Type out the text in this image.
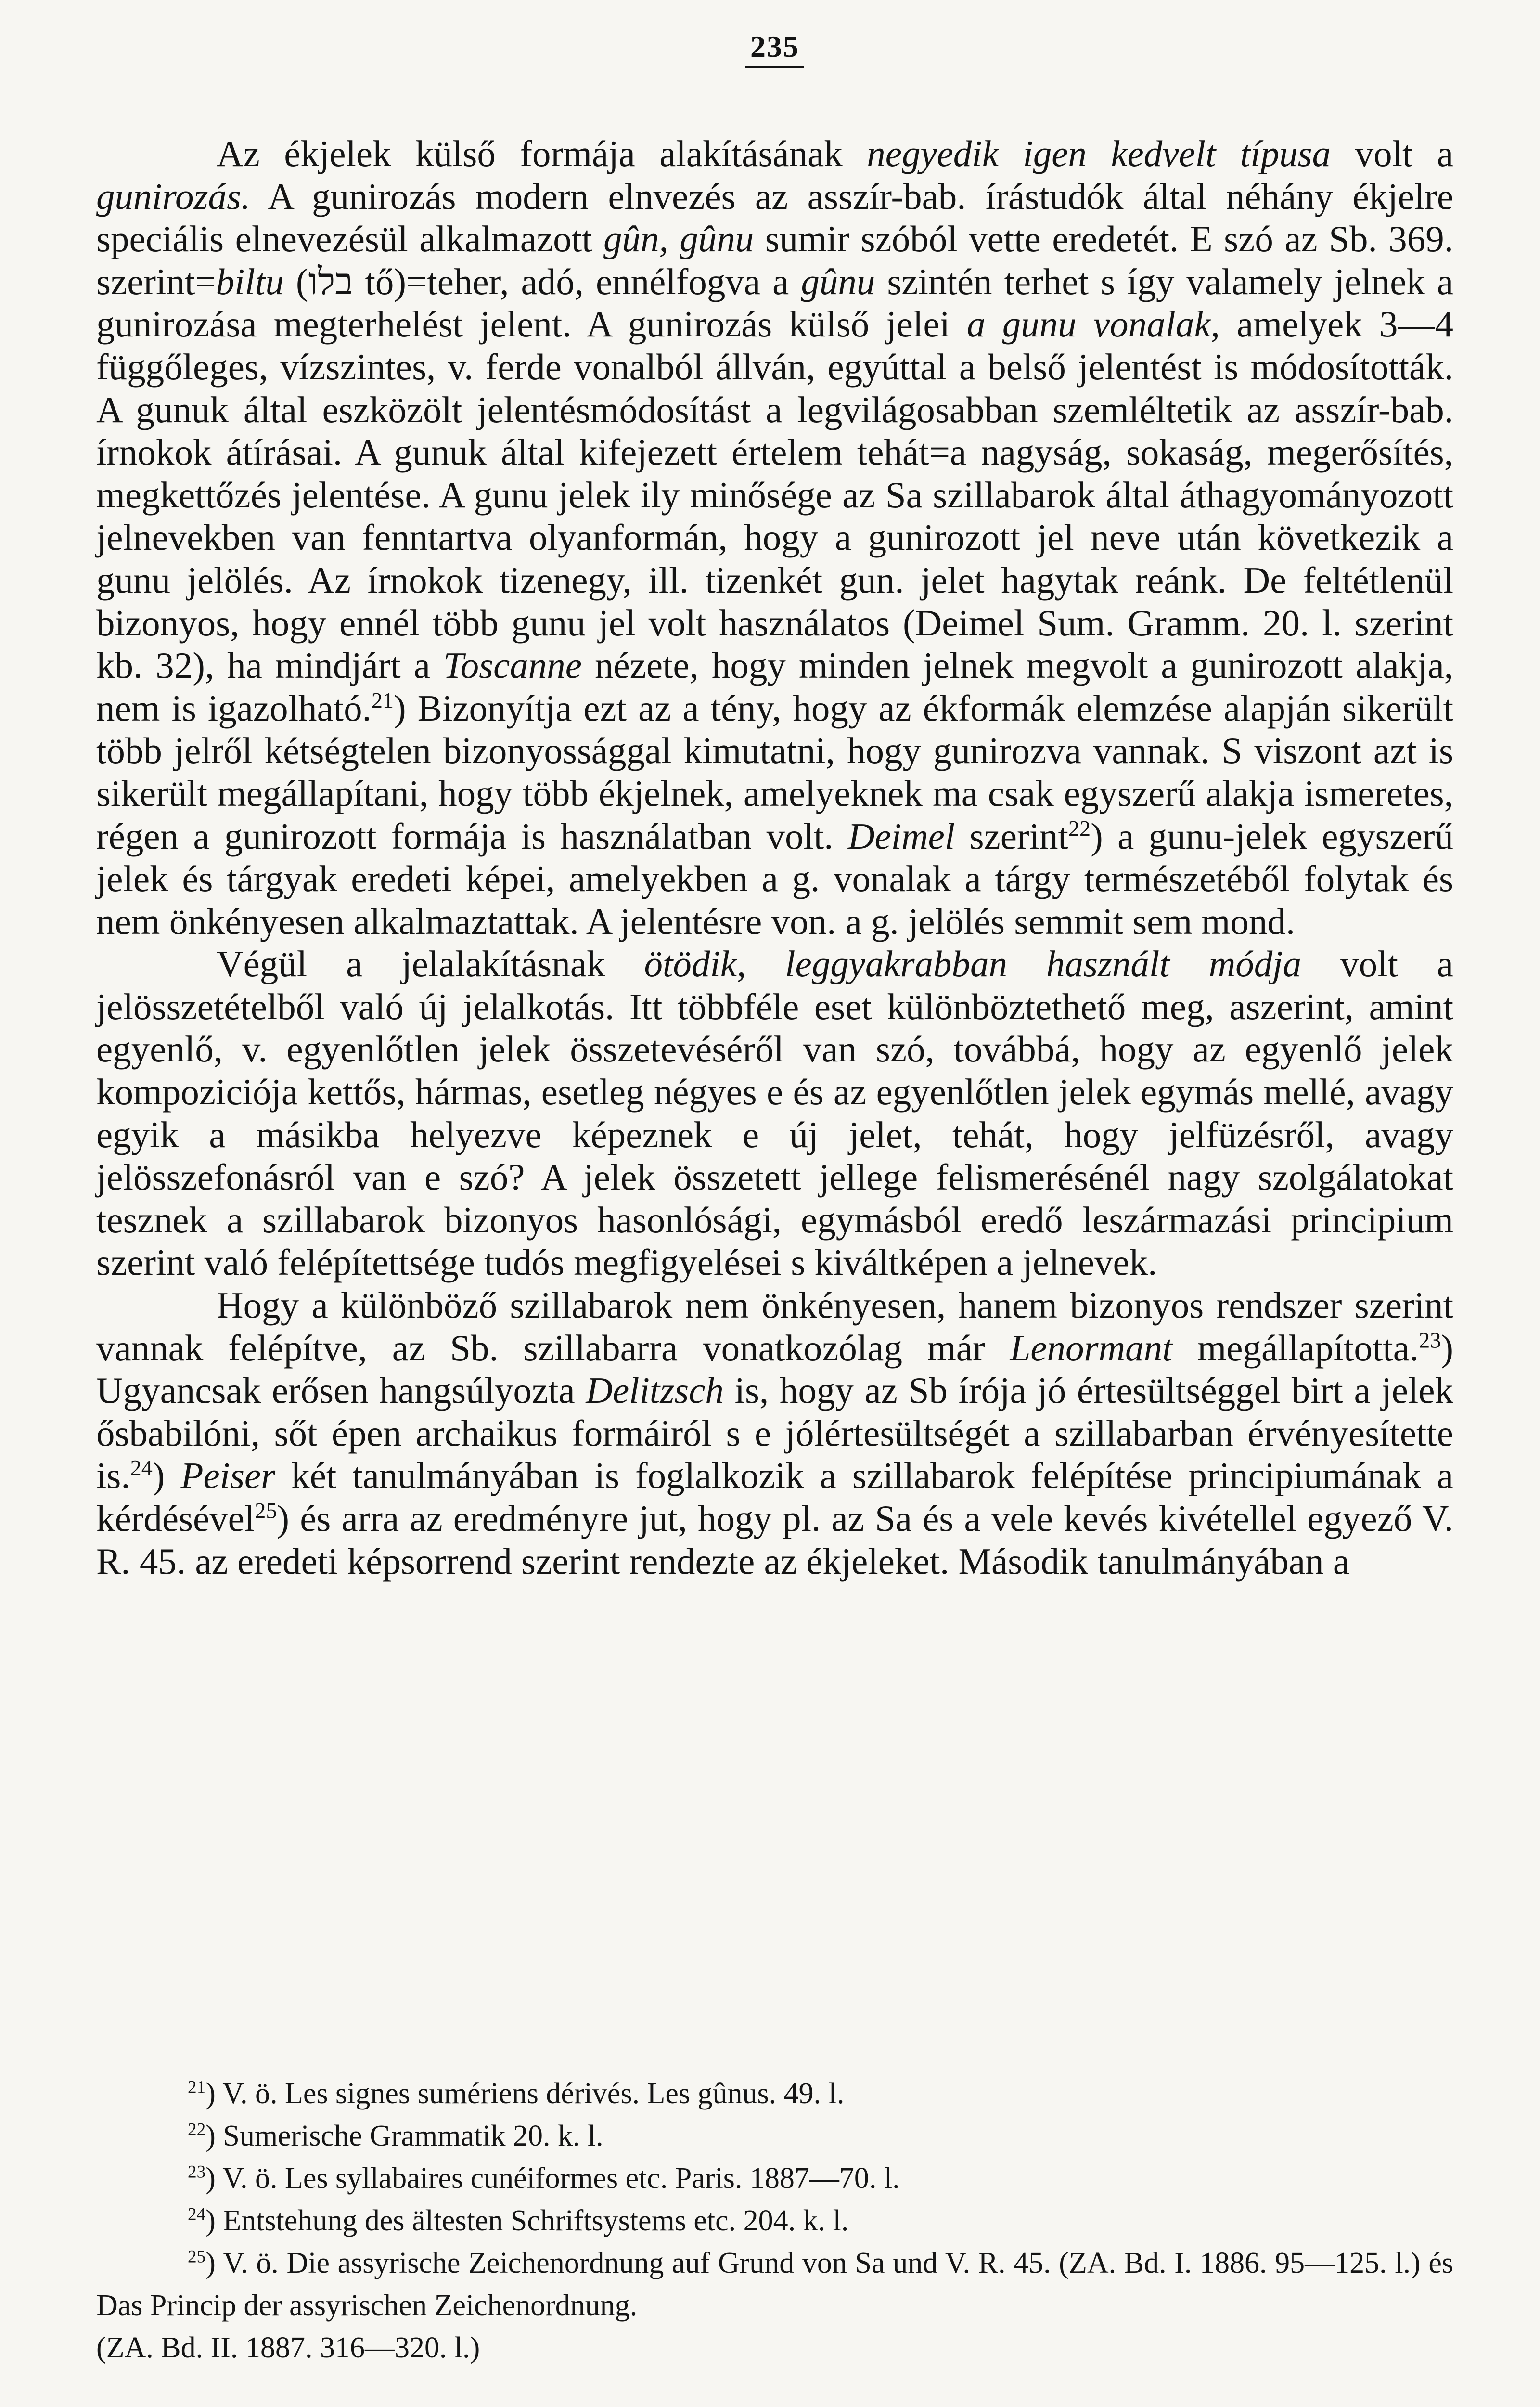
235

Az ékjelek külső formája alakításának negyedik igen kedvelt típusa volt a gunirozás. A gunirozás modern elnvezés az asszír-bab. írástudók által néhány ékjelre speciális elnevezésül alkalmazott gûn, gûnu sumir szóból vette eredetét. E szó az Sb. 369. szerint=biltu (בלו tő)=teher, adó, ennélfogva a gûnu szintén terhet s így valamely jelnek a gunirozása megterhelést jelent. A gunirozás külső jelei a gunu vonalak, amelyek 3—4 függőleges, vízszintes, v. ferde vonalból állván, egyúttal a belső jelentést is módosították. A gunuk által eszközölt jelentésmódosítást a legvilágosabban szemléltetik az asszír-bab. írnokok átírásai. A gunuk által kifejezett értelem tehát=a nagyság, sokaság, megerősítés, megkettőzés jelentése. A gunu jelek ily minősége az Sa szillabarok által áthagyományozott jelnevekben van fenntartva olyanformán, hogy a gunirozott jel neve után következik a gunu jelölés. Az írnokok tizenegy, ill. tizenkét gun. jelet hagytak reánk. De feltétlenül bizonyos, hogy ennél több gunu jel volt használatos (Deimel Sum. Gramm. 20. l. szerint kb. 32), ha mindjárt a Toscanne nézete, hogy minden jelnek megvolt a gunirozott alakja, nem is igazolható.$^{21}$) Bizonyítja ezt az a tény, hogy az ékformák elemzése alapján sikerült több jelről kétségtelen bizonyossággal kimutatni, hogy gunirozva vannak. S viszont azt is sikerült megállapítani, hogy több ékjelnek, amelyeknek ma csak egyszerű alakja ismeretes, régen a gunirozott formája is használatban volt. Deimel szerint$^{22}$) a gunu-jelek egyszerű jelek és tárgyak eredeti képei, amelyekben a g. vonalak a tárgy természetéből folytak és nem önkényesen alkalmaztattak. A jelentésre von. a g. jelölés semmit sem mond.

Végül a jelalakításnak ötödik, leggyakrabban használt módja volt a jelösszetételből való új jelalkotás. Itt többféle eset különböztethető meg, aszerint, amint egyenlő, v. egyenlőtlen jelek összetevéséről van szó, továbbá, hogy az egyenlő jelek kompoziciója kettős, hármas, esetleg négyes e és az egyenlőtlen jelek egymás mellé, avagy egyik a másikba helyezve képeznek e új jelet, tehát, hogy jelfüzésről, avagy jelösszefonásról van e szó? A jelek összetett jellege felismerésénél nagy szolgálatokat tesznek a szillabarok bizonyos hasonlósági, egymásból eredő leszármazási principium szerint való felépítettsége tudós megfigyelései s kiváltképen a jelnevek.

Hogy a különböző szillabarok nem önkényesen, hanem bizonyos rendszer szerint vannak felépítve, az Sb. szillabarra vonatkozólag már Lenormant megállapította.$^{23}$) Ugyancsak erősen hangsúlyozta Delitzsch is, hogy az Sb írója jó értesültséggel birt a jelek ősbabilóni, sőt épen archaikus formáiról s e jólértesültségét a szillabarban érvényesítette is.$^{24}$) Peiser két tanulmányában is foglalkozik a szillabarok felépítése principiumának a kérdésével$^{25}$) és arra az eredményre jut, hogy pl. az Sa és a vele kevés kivétellel egyező V. R. 45. az eredeti képsorrend szerint rendezte az ékjeleket. Második tanulmányában a

$^{21}$) V. ö. Les signes sumériens dérivés. Les gûnus. 49. l.

$^{22}$) Sumerische Grammatik 20. k. l.

$^{23}$) V. ö. Les syllabaires cunéiformes etc. Paris. 1887—70. l.

$^{24}$) Entstehung des ältesten Schriftsystems etc. 204. k. l.

$^{25}$) V. ö. Die assyrische Zeichenordnung auf Grund von Sa und V. R. 45. (ZA. Bd. I. 1886. 95—125. l.) és Das Princip der assyrischen Zeichenordnung.
(ZA. Bd. II. 1887. 316—320. l.)
